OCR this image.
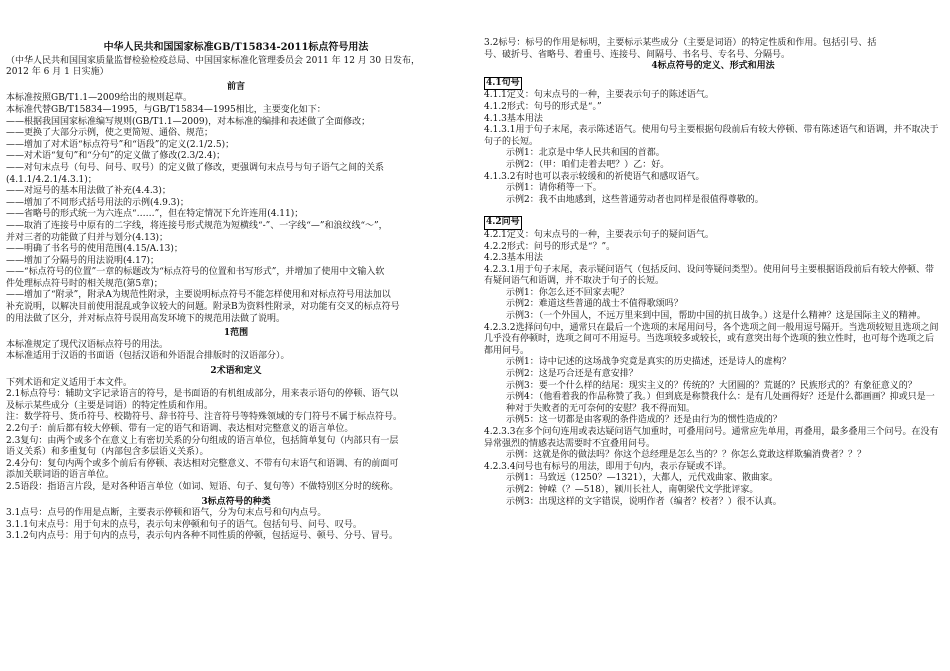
中华人民共和国国家标准GB/T15834-2011标点符号用法

（中华人民共和国国家质量监督检验检疫总局、中国国家标准化管理委员会 2011 年 12 月 30 日发布，

2012 年 6 月 1 日实施）

前言

本标准按照GB/T1.1—2009给出的规则起草。

本标准代替GB/T15834—1995，与GB/T15834—1995相比，主要变化如下：

——根据我国国家标准编写规则(GB/T1.1—2009)，对本标准的编排和表述做了全面修改；

——更换了大部分示例，使之更简短、通俗、规范；

——增加了对术语“标点符号”和“语段”的定义(2.1/2.5)；

——对术语“复句”和“分句”的定义做了修改(2.3/2.4)；

——对句末点号（句号、问号、叹号）的定义做了修改，更强调句末点号与句子语气之间的关系

(4.1.1/4.2.1/4.3.1)；

——对逗号的基本用法做了补充(4.4.3)；

——增加了不同形式括号用法的示例(4.9.3)；

——省略号的形式统一为六连点“……”，但在特定情况下允许连用(4.11)；

——取消了连接号中原有的二字线，将连接号形式规范为短横线“-”、一字线“—”和浪纹线“～”，

并对三者的功能做了归并与划分(4.13)；

——明确了书名号的使用范围(4.15/A.13)；

——增加了分隔号的用法说明(4.17)；

——“标点符号的位置”一章的标题改为“标点符号的位置和书写形式”，并增加了使用中文输入软

件处理标点符号时的相关规范(第5章)；

——增加了“附录”，附录A为规范性附录，主要说明标点符号不能怎样使用和对标点符号用法加以

补充说明，以解决目前使用混乱或争议较大的问题。附录B为资料性附录，对功能有交叉的标点符号

的用法做了区分，并对标点符号误用高发环境下的规范用法做了说明。

1范围

本标准规定了现代汉语标点符号的用法。

本标准适用于汉语的书面语（包括汉语和外语混合排版时的汉语部分）。

2术语和定义

下列术语和定义适用于本文件。

2.1标点符号：辅助文字记录语言的符号，是书面语的有机组成部分，用来表示语句的停顿、语气以

及标示某些成分（主要是词语）的特定性质和作用。

注：数学符号、货币符号、校勘符号、辞书符号、注音符号等特殊领域的专门符号不属于标点符号。

2.2句子：前后都有较大停顿、带有一定的语气和语调、表达相对完整意义的语言单位。

2.3复句：由两个或多个在意义上有密切关系的分句组成的语言单位，包括简单复句（内部只有一层

语义关系）和多重复句（内部包含多层语义关系）。

2.4分句：复句内两个或多个前后有停顿、表达相对完整意义、不带有句末语气和语调、有的前面可

添加关联词语的语言单位。

2.5语段：指语言片段，是对各种语言单位（如词、短语、句子、复句等）不做特别区分时的统称。

3标点符号的种类

3.1点号：点号的作用是点断，主要表示停顿和语气，分为句末点号和句内点号。

3.1.1句末点号：用于句末的点号，表示句末停顿和句子的语气。包括句号、问号、叹号。

3.1.2句内点号：用于句内的点号，表示句内各种不同性质的停顿，包括逗号、顿号、分号、冒号。

3.2标号：标号的作用是标明，主要标示某些成分（主要是词语）的特定性质和作用。包括引号、括

号、破折号、省略号、着重号、连接号、间隔号、书名号、专名号、分隔号。

4标点符号的定义、形式和用法

4.1句号

4.1.1定义：句末点号的一种，主要表示句子的陈述语气。

4.1.2形式：句号的形式是“。”

4.1.3基本用法

4.1.3.1用于句子末尾，表示陈述语气。使用句号主要根据句段前后有较大停顿、带有陈述语气和语调，并不取决于句子的长短。

示例1：北京是中华人民共和国的首都。

示例2：（甲：咱们走着去吧？）乙：好。

4.1.3.2有时也可以表示较缓和的祈使语气和感叹语气。

示例1：请你稍等一下。

示例2：我不由地感到，这些普通劳动者也同样是很值得尊敬的。

4.2问号

4.2.1定义：句末点号的一种，主要表示句子的疑问语气。

4.2.2形式：问号的形式是“？”。

4.2.3基本用法

4.2.3.1用于句子末尾，表示疑问语气（包括反问、设问等疑问类型）。使用问号主要根据语段前后有较大停顿、带有疑问语气和语调，并不取决于句子的长短。

示例1：你怎么还不回家去呢？

示例2：难道这些普通的战士不值得歌颂吗？

示例3：（一个外国人，不远万里来到中国，帮助中国的抗日战争。）这是什么精神？这是国际主义的精神。

4.2.3.2选择问句中，通常只在最后一个选项的末尾用问号，各个选项之间一般用逗号隔开。当选项较短且选项之间几乎没有停顿时，选项之间可不用逗号。当选项较多或较长，或有意突出每个选项的独立性时，也可每个选项之后都用问号。

示例1：诗中记述的这场战争究竟是真实的历史描述，还是诗人的虚构？

示例2：这是巧合还是有意安排？

示例3：要一个什么样的结尾：现实主义的？传统的？大团圆的？荒诞的？民族形式的？有象征意义的？

示例4：（他看着我的作品称赞了我。）但到底是称赞我什么：是有几处画得好？还是什么都画画？抑或只是一种对于失败者的无可奈何的安慰？我不得而知。

示例5：这一切都是由客观的条件造成的？还是由行为的惯性造成的？

4.2.3.3在多个问句连用或表达疑问语气加重时，可叠用问号。通常应先单用，再叠用，最多叠用三个问号。在没有异常强烈的情感表达需要时不宜叠用问号。

示例：这就是你的做法吗？你这个总经理是怎么当的？？你怎么竟敢这样欺骗消费者？？？

4.2.3.4问号也有标号的用法，即用于句内，表示存疑或不详。

示例1：马致远（1250？—1321），大都人，元代戏曲家、散曲家。

示例2：钟嵘（？—518），颍川长社人，南朝梁代文学批评家。

示例3：出现这样的文字错误，说明作者（编者？校者？）很不认真。
